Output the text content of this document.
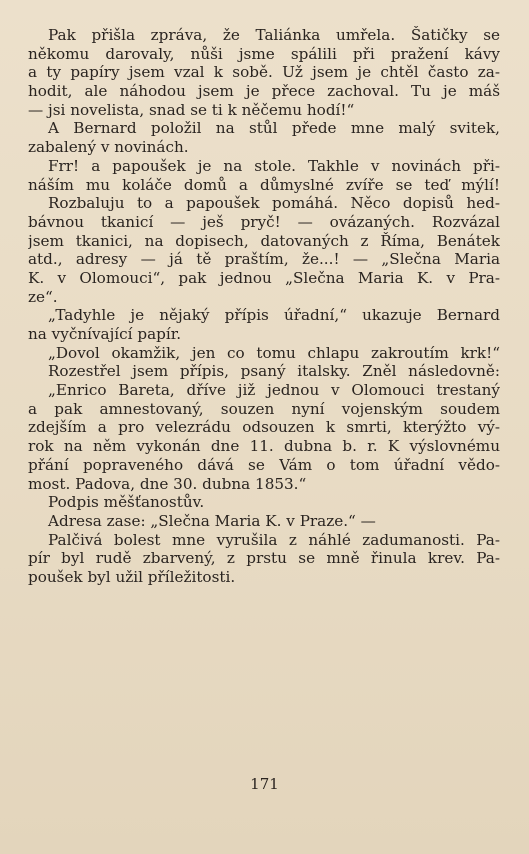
Pak přišla zpráva, že Taliánka umřela. Šatičky se
někomu darovaly, nůši jsme spálili při pražení kávy
a ty papíry jsem vzal k sobě. Už jsem je chtěl často za-
hodit, ale náhodou jsem je přece zachoval. Tu je máš
— jsi novelista, snad se ti k něčemu hodí!“
A Bernard položil na stůl přede mne malý svitek,
zabalený v novinách.
Frr! a papoušek je na stole. Takhle v novinách při-
náším mu koláče domů a důmyslné zvíře se teď mýlí!
Rozbaluju to a papoušek pomáhá. Něco dopisů hed-
bávnou tkanicí — ješ pryč! — ovázaných. Rozvázal
jsem tkanici, na dopisech, datovaných z Říma, Benátek
atd., adresy — já tě praštím, že...! — „Slečna Maria
K. v Olomouci“, pak jednou „Slečna Maria K. v Pra-
ze“.
„Tadyhle je nějaký přípis úřadní,“ ukazuje Bernard
na vyčnívající papír.
„Dovol okamžik, jen co tomu chlapu zakroutím krk!“
Rozestřel jsem přípis, psaný italsky. Zněl následovně:
„Enrico Bareta, dříve již jednou v Olomouci trestaný
a pak amnestovaný, souzen nyní vojenským soudem
zdejším a pro velezrádu odsouzen k smrti, kterýžto vý-
rok na něm vykonán dne 11. dubna b. r. K výslovnému
přání popraveného dává se Vám o tom úřadní vědo-
most. Padova, dne 30. dubna 1853.“
Podpis měšťanostův.
Adresa zase: „Slečna Maria K. v Praze.“ —
Palčivá bolest mne vyrušila z náhlé zadumanosti. Pa-
pír byl rudě zbarvený, z prstu se mně řinula krev. Pa-
poušek byl užil příležitosti.
171
